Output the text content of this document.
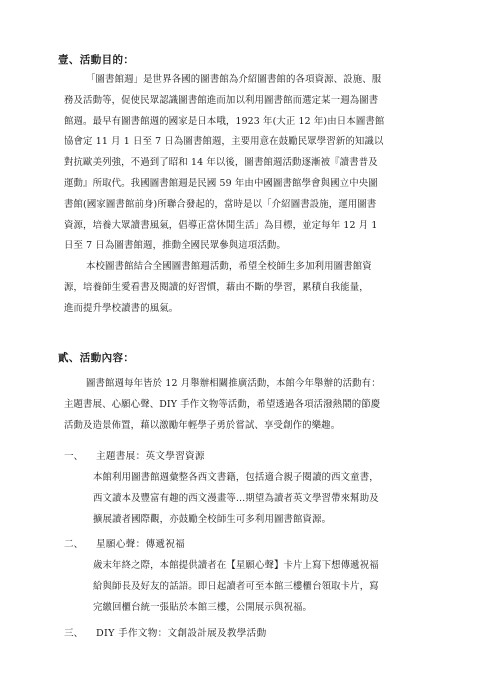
壹、活動目的：
「圖書館週」是世界各國的圖書館為介紹圖書館的各項資源、設施、服
務及活動等，促使民眾認識圖書館進而加以利用圖書館而選定某一週為圖書
館週。最早有圖書館週的國家是日本哦，1923 年(大正 12 年)由日本圖書館
協會定 11 月 1 日至 7 日為圖書館週，主要用意在鼓勵民眾學習新的知識以
對抗歐美列強，不過到了昭和 14 年以後，圖書館週活動逐漸被『讀書普及
運動』所取代。我國圖書館週是民國 59 年由中國圖書館學會與國立中央圖
書館(國家圖書館前身)所聯合發起的，當時是以「介紹圖書設施，運用圖書
資源，培養大眾讀書風氣，倡導正當休閒生活」為目標，並定每年 12 月 1
日至 7 日為圖書館週，推動全國民眾參與這項活動。
本校圖書館結合全國圖書館週活動，希望全校師生多加利用圖書館資
源，培養師生愛看書及閱讀的好習慣，藉由不斷的學習，累積自我能量，
進而提升學校讀書的風氣。
貳、活動內容：
圖書館週每年皆於 12 月舉辦相關推廣活動，本館今年舉辦的活動有：
主題書展、心願心聲、DIY 手作文物等活動，希望透過各項活潑熱鬧的節慶
活動及造景佈置，藉以激勵年輕學子勇於嘗試、享受創作的樂趣。
一、 主題書展：英文學習資源
本館利用圖書館週彙整各西文書籍，包括適合親子閱讀的西文童書，
西文讀本及豐富有趣的西文漫畫等…期望為讀者英文學習帶來幫助及
擴展讀者國際觀，亦鼓勵全校師生可多利用圖書館資源。
二、 星願心聲：傳遞祝福
歲末年終之際，本館提供讀者在【星願心聲】卡片上寫下想傳遞祝福
給與師長及好友的話語。即日起讀者可至本館三樓櫃台領取卡片，寫
完繳回櫃台統一張貼於本館三樓，公開展示與祝福。
三、 DIY 手作文物：文創設計展及教學活動
